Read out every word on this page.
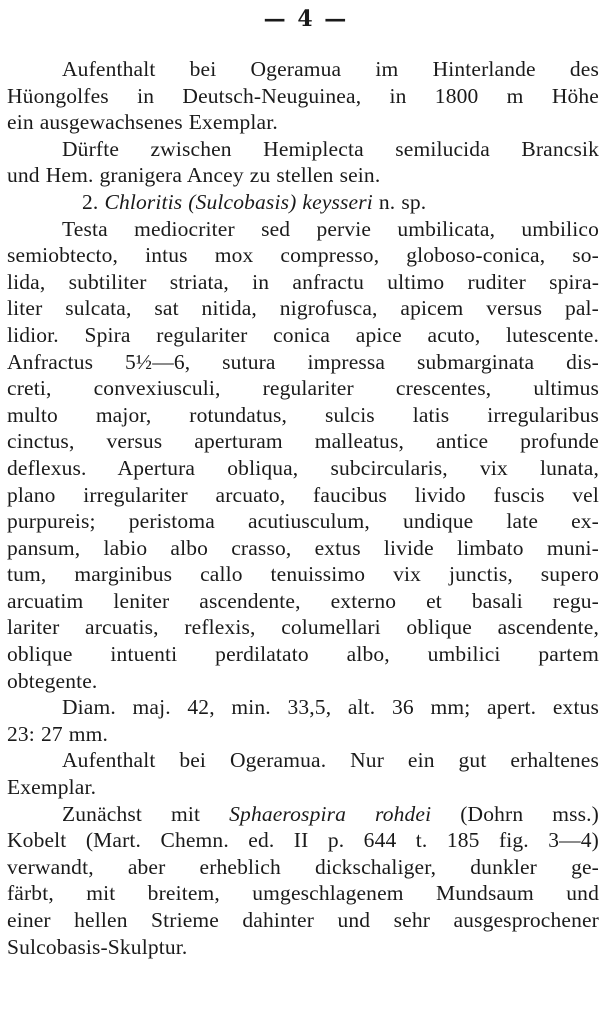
— 4 —
Aufenthalt bei Ogeramua im Hinterlande des
Hüongolfes in Deutsch-Neuguinea, in 1800 m Höhe
ein ausgewachsenes Exemplar.
Dürfte zwischen Hemiplecta semilucida Brancsik
und Hem. granigera Ancey zu stellen sein.
2. Chloritis (Sulcobasis) keysseri n. sp.
Testa mediocriter sed pervie umbilicata, umbilico
semiobtecto, intus mox compresso, globoso-conica, so-
lida, subtiliter striata, in anfractu ultimo ruditer spira-
liter sulcata, sat nitida, nigrofusca, apicem versus pal-
lidior. Spira regulariter conica apice acuto, lutescente.
Anfractus 5½—6, sutura impressa submarginata dis-
creti, convexiusculi, regulariter crescentes, ultimus
multo major, rotundatus, sulcis latis irregularibus
cinctus, versus aperturam malleatus, antice profunde
deflexus. Apertura obliqua, subcircularis, vix lunata,
plano irregulariter arcuato, faucibus livido fuscis vel
purpureis; peristoma acutiusculum, undique late ex-
pansum, labio albo crasso, extus livide limbato muni-
tum, marginibus callo tenuissimo vix junctis, supero
arcuatim leniter ascendente, externo et basali regu-
lariter arcuatis, reflexis, columellari oblique ascendente,
oblique intuenti perdilatato albo, umbilici partem
obtegente.
Diam. maj. 42, min. 33,5, alt. 36 mm; apert. extus
23: 27 mm.
Aufenthalt bei Ogeramua. Nur ein gut erhaltenes
Exemplar.
Zunächst mit Sphaerospira rohdei (Dohrn mss.)
Kobelt (Mart. Chemn. ed. II p. 644 t. 185 fig. 3—4)
verwandt, aber erheblich dickschaliger, dunkler ge-
färbt, mit breitem, umgeschlagenem Mundsaum und
einer hellen Strieme dahinter und sehr ausgesprochener
Sulcobasis-Skulptur.
